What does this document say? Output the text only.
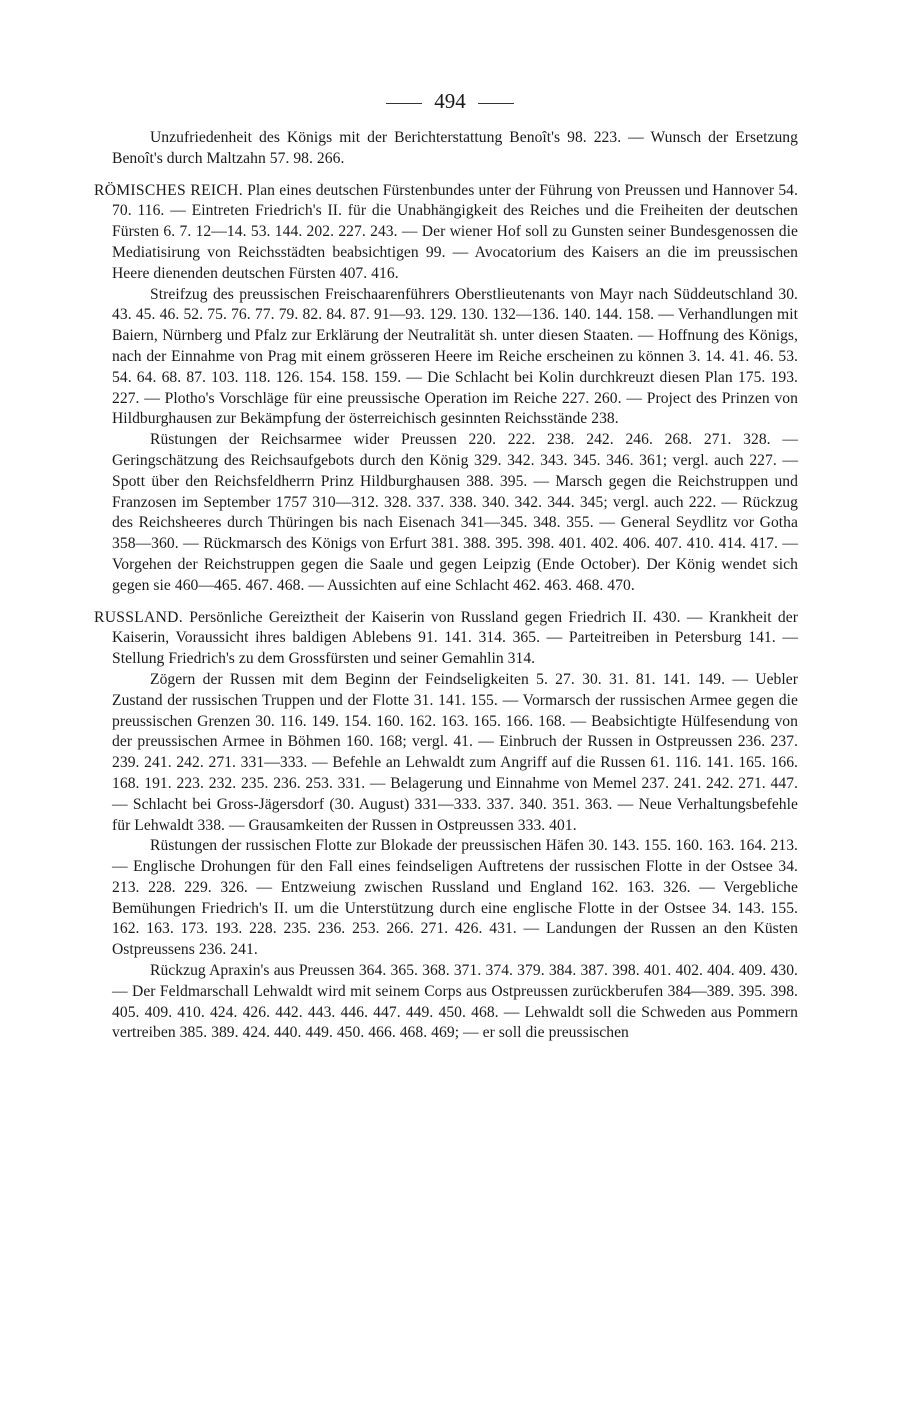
494

Unzufriedenheit des Königs mit der Berichterstattung Benoît's 98. 223. — Wunsch der Ersetzung Benoît's durch Maltzahn 57. 98. 266.

RÖMISCHES REICH. Plan eines deutschen Fürstenbundes unter der Führung von Preussen und Hannover 54. 70. 116. — Eintreten Friedrich's II. für die Unabhängigkeit des Reiches und die Freiheiten der deutschen Fürsten 6. 7. 12—14. 53. 144. 202. 227. 243. — Der wiener Hof soll zu Gunsten seiner Bundesgenossen die Mediatisirung von Reichsstädten beabsichtigen 99. — Avocatorium des Kaisers an die im preussischen Heere dienenden deutschen Fürsten 407. 416.

Streifzug des preussischen Freischaarenführers Oberstlieutenants von Mayr nach Süddeutschland 30. 43. 45. 46. 52. 75. 76. 77. 79. 82. 84. 87. 91—93. 129. 130. 132—136. 140. 144. 158. — Verhandlungen mit Baiern, Nürnberg und Pfalz zur Erklärung der Neutralität sh. unter diesen Staaten. — Hoffnung des Königs, nach der Einnahme von Prag mit einem grösseren Heere im Reiche erscheinen zu können 3. 14. 41. 46. 53. 54. 64. 68. 87. 103. 118. 126. 154. 158. 159. — Die Schlacht bei Kolin durchkreuzt diesen Plan 175. 193. 227. — Plotho's Vorschläge für eine preussische Operation im Reiche 227. 260. — Project des Prinzen von Hildburghausen zur Bekämpfung der österreichisch gesinnten Reichsstände 238.

Rüstungen der Reichsarmee wider Preussen 220. 222. 238. 242. 246. 268. 271. 328. — Geringschätzung des Reichsaufgebots durch den König 329. 342. 343. 345. 346. 361; vergl. auch 227. — Spott über den Reichsfeldherrn Prinz Hildburghausen 388. 395. — Marsch gegen die Reichstruppen und Franzosen im September 1757 310—312. 328. 337. 338. 340. 342. 344. 345; vergl. auch 222. — Rückzug des Reichsheeres durch Thüringen bis nach Eisenach 341—345. 348. 355. — General Seydlitz vor Gotha 358—360. — Rückmarsch des Königs von Erfurt 381. 388. 395. 398. 401. 402. 406. 407. 410. 414. 417. — Vorgehen der Reichstruppen gegen die Saale und gegen Leipzig (Ende October). Der König wendet sich gegen sie 460—465. 467. 468. — Aussichten auf eine Schlacht 462. 463. 468. 470.

RUSSLAND. Persönliche Gereiztheit der Kaiserin von Russland gegen Friedrich II. 430. — Krankheit der Kaiserin, Voraussicht ihres baldigen Ablebens 91. 141. 314. 365. — Parteitreiben in Petersburg 141. — Stellung Friedrich's zu dem Grossfürsten und seiner Gemahlin 314.

Zögern der Russen mit dem Beginn der Feindseligkeiten 5. 27. 30. 31. 81. 141. 149. — Uebler Zustand der russischen Truppen und der Flotte 31. 141. 155. — Vormarsch der russischen Armee gegen die preussischen Grenzen 30. 116. 149. 154. 160. 162. 163. 165. 166. 168. — Beabsichtigte Hülfesendung von der preussischen Armee in Böhmen 160. 168; vergl. 41. — Einbruch der Russen in Ostpreussen 236. 237. 239. 241. 242. 271. 331—333. — Befehle an Lehwaldt zum Angriff auf die Russen 61. 116. 141. 165. 166. 168. 191. 223. 232. 235. 236. 253. 331. — Belagerung und Einnahme von Memel 237. 241. 242. 271. 447. — Schlacht bei Gross-Jägersdorf (30. August) 331—333. 337. 340. 351. 363. — Neue Verhaltungsbefehle für Lehwaldt 338. — Grausamkeiten der Russen in Ostpreussen 333. 401.

Rüstungen der russischen Flotte zur Blokade der preussischen Häfen 30. 143. 155. 160. 163. 164. 213. — Englische Drohungen für den Fall eines feindseligen Auftretens der russischen Flotte in der Ostsee 34. 213. 228. 229. 326. — Entzweiung zwischen Russland und England 162. 163. 326. — Vergebliche Bemühungen Friedrich's II. um die Unterstützung durch eine englische Flotte in der Ostsee 34. 143. 155. 162. 163. 173. 193. 228. 235. 236. 253. 266. 271. 426. 431. — Landungen der Russen an den Küsten Ostpreussens 236. 241.

Rückzug Apraxin's aus Preussen 364. 365. 368. 371. 374. 379. 384. 387. 398. 401. 402. 404. 409. 430. — Der Feldmarschall Lehwaldt wird mit seinem Corps aus Ostpreussen zurückberufen 384—389. 395. 398. 405. 409. 410. 424. 426. 442. 443. 446. 447. 449. 450. 468. — Lehwaldt soll die Schweden aus Pommern vertreiben 385. 389. 424. 440. 449. 450. 466. 468. 469; — er soll die preussischen
